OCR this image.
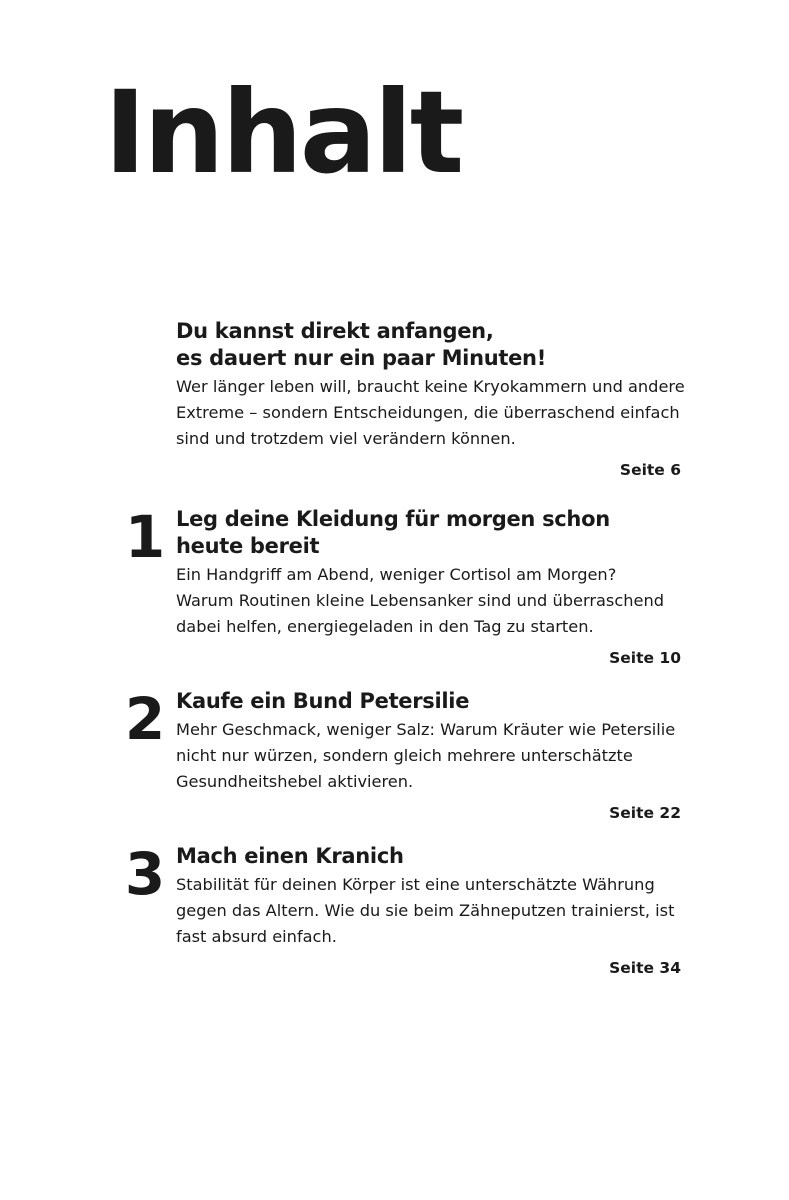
Inhalt
Du kannst direkt anfangen,
es dauert nur ein paar Minuten!

Wer länger leben will, braucht keine Kryokammern und andere
Extreme – sondern Entscheidungen, die überraschend einfach
sind und trotzdem viel verändern können.

Seite 6
1 Leg deine Kleidung für morgen schon
heute bereit

Ein Handgriff am Abend, weniger Cortisol am Morgen?
Warum Routinen kleine Lebensanker sind und überraschend
dabei helfen, energiegeladen in den Tag zu starten.

Seite 10
2 Kaufe ein Bund Petersilie

Mehr Geschmack, weniger Salz: Warum Kräuter wie Petersilie
nicht nur würzen, sondern gleich mehrere unterschätzte
Gesundheitshebel aktivieren.

Seite 22
3 Mach einen Kranich

Stabilität für deinen Körper ist eine unterschätzte Währung
gegen das Altern. Wie du sie beim Zähneputzen trainierst, ist
fast absurd einfach.

Seite 34
